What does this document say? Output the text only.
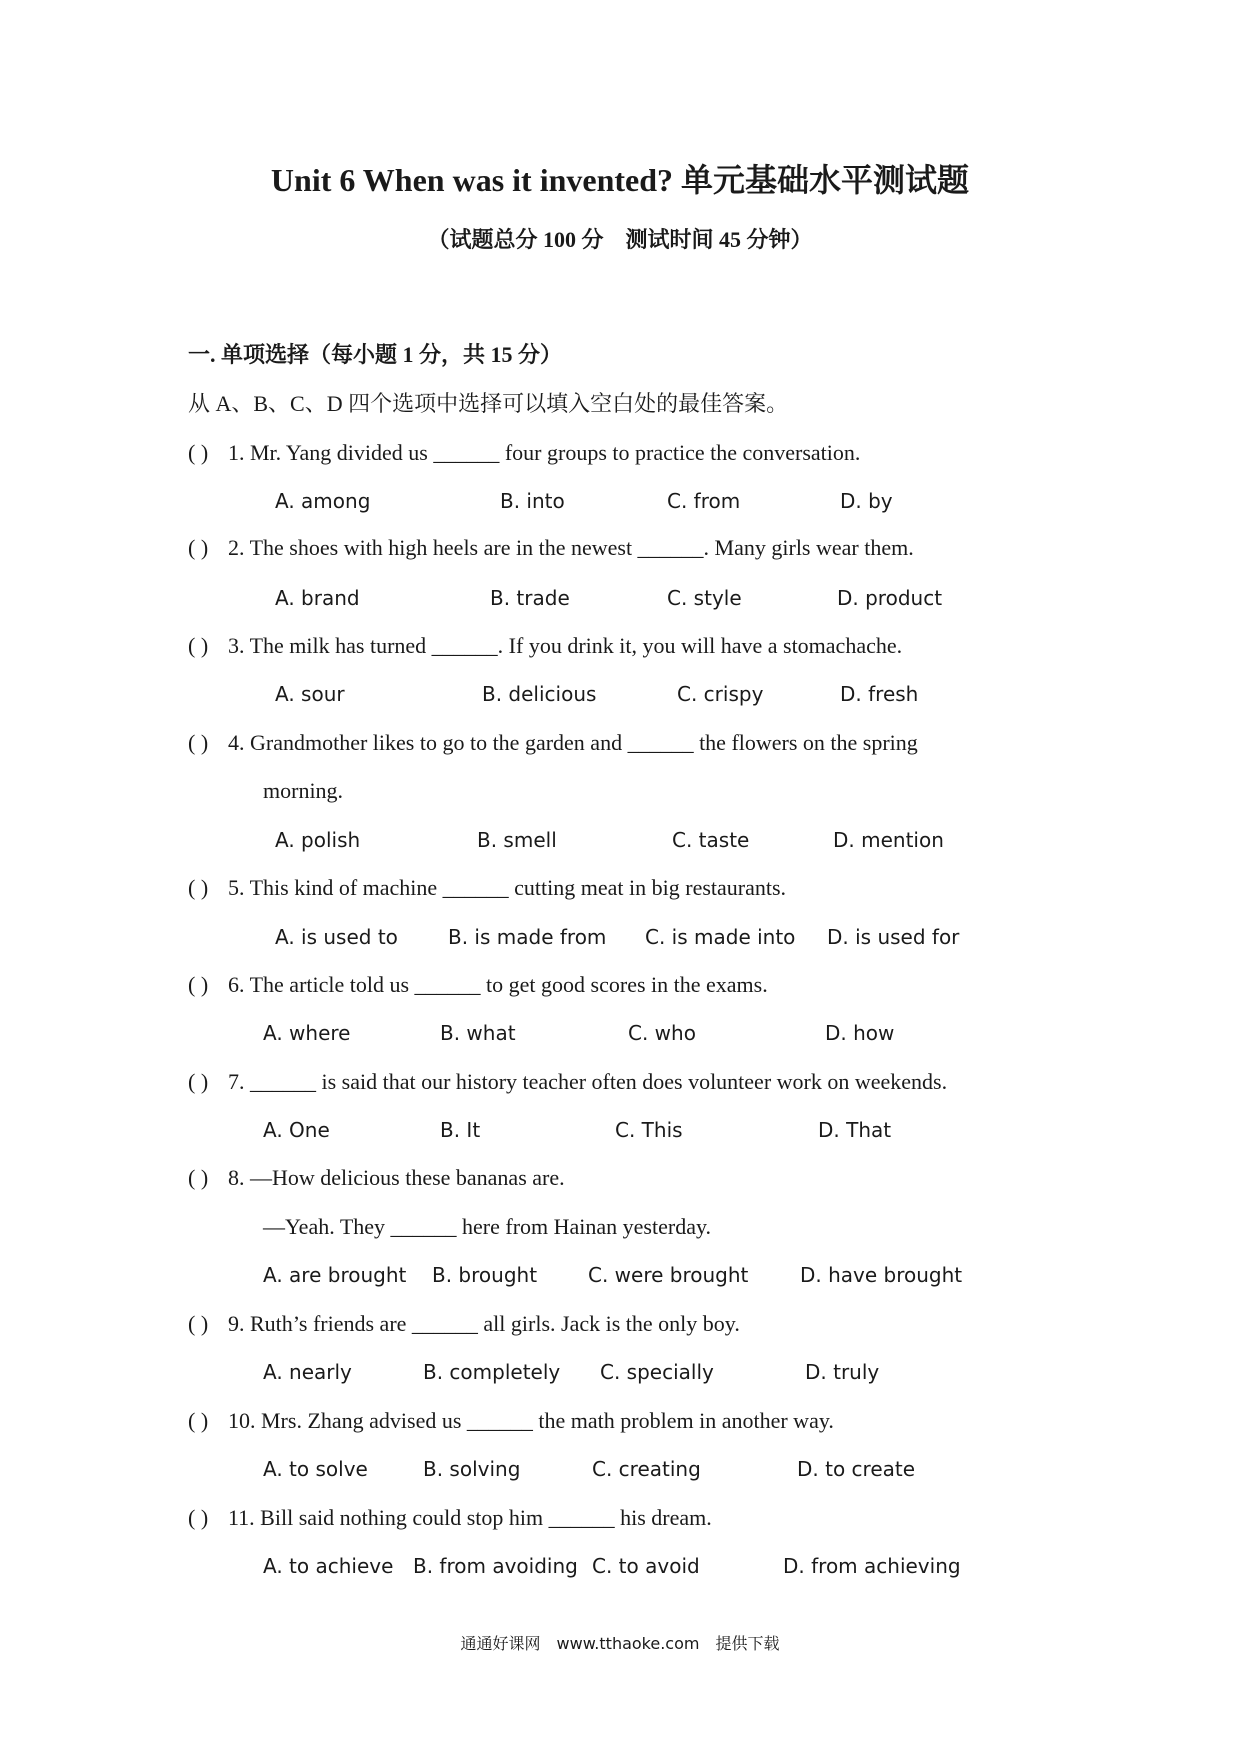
Unit 6 When was it invented? 单元基础水平测试题
（试题总分 100 分　测试时间 45 分钟）
一. 单项选择（每小题 1 分，共 15 分）
从 A、B、C、D 四个选项中选择可以填入空白处的最佳答案。
( ) 1. Mr. Yang divided us ______ four groups to practice the conversation.
A. among	B. into	C. from	D. by
( ) 2. The shoes with high heels are in the newest ______. Many girls wear them.
A. brand	B. trade	C. style	D. product
( ) 3. The milk has turned ______. If you drink it, you will have a stomachache.
A. sour	B. delicious	C. crispy	D. fresh
( ) 4. Grandmother likes to go to the garden and ______ the flowers on the spring
morning.
A. polish	B. smell	C. taste	D. mention
( ) 5. This kind of machine ______ cutting meat in big restaurants.
A. is used to	B. is made from C. is made into D. is used for
( ) 6. The article told us ______ to get good scores in the exams.
A. where	B. what	C. who	D. how
( ) 7. ______ is said that our history teacher often does volunteer work on weekends.
A. One	B. It	C. This	D. That
( ) 8. —How delicious these bananas are.
—Yeah. They ______ here from Hainan yesterday.
A. are brought B. brought	C. were brought	D. have brought
( ) 9. Ruth’s friends are ______ all girls. Jack is the only boy.
A. nearly	B. completely C. specially	D. truly
( ) 10. Mrs. Zhang advised us ______ the math problem in another way.
A. to solve	B. solving	C. creating	D. to create
( ) 11. Bill said nothing could stop him ______ his dream.
A. to achieve B. from avoiding C. to avoid	D. from achieving
通通好课网　www.tthaoke.com　提供下载
